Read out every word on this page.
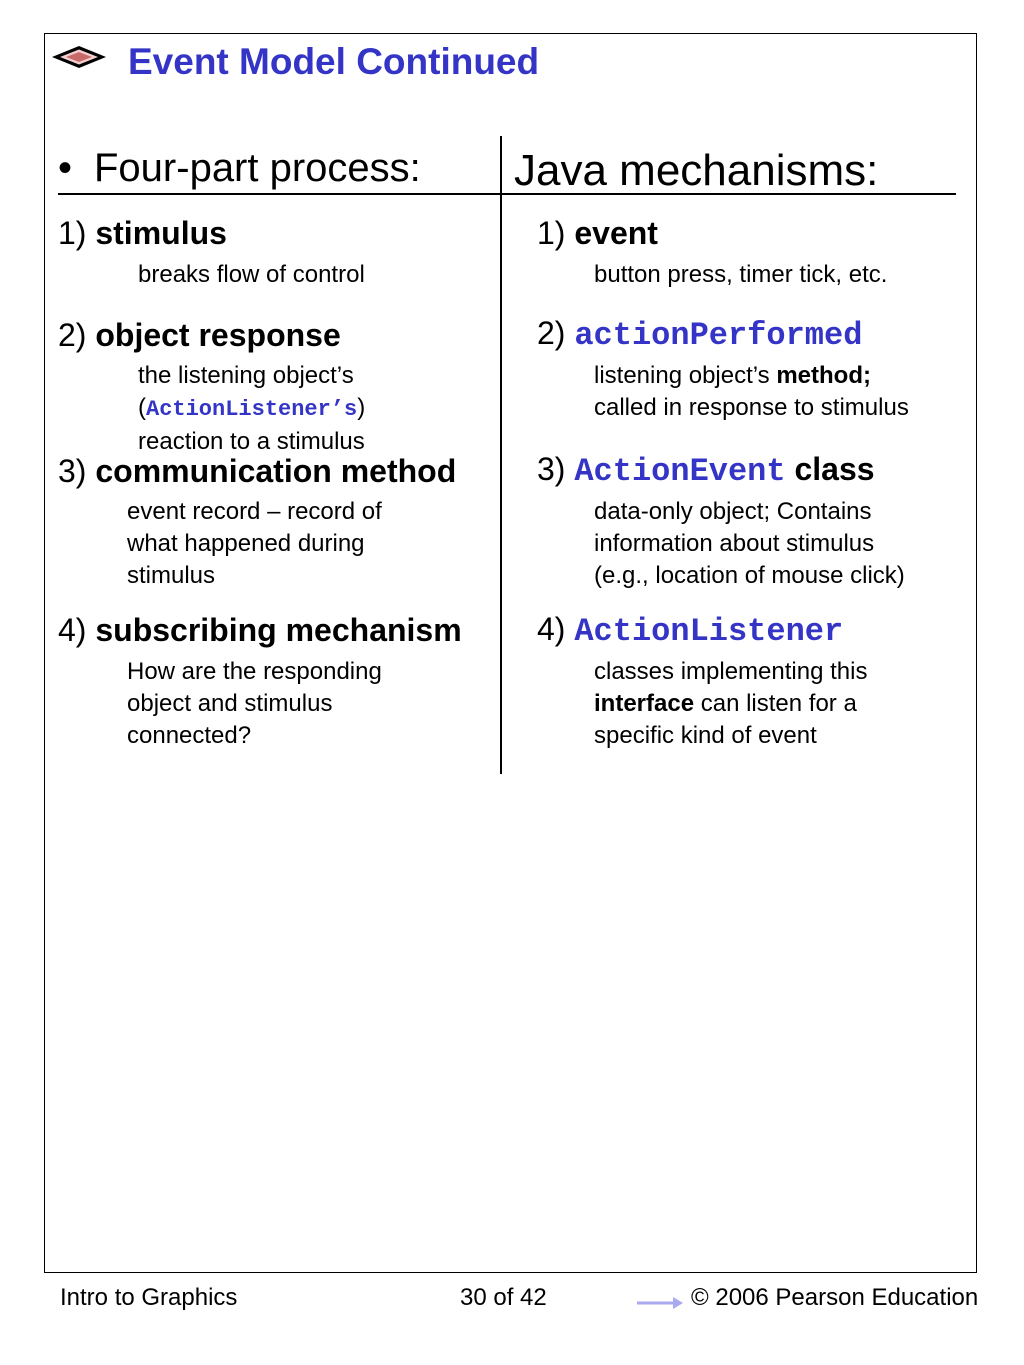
Event Model Continued
• Four-part process: Java mechanisms:
1) stimulus
breaks flow of control
2) object response
the listening object’s
(ActionListener’s)
reaction to a stimulus
3) communication method
event record – record of
what happened during
stimulus
4) subscribing mechanism
How are the responding
object and stimulus
connected?
1) event
button press, timer tick, etc.
2) actionPerformed
listening object’s method;
called in response to stimulus
3) ActionEvent class
data-only object; Contains
information about stimulus
(e.g., location of mouse click)
4) ActionListener
classes implementing this
interface can listen for a
specific kind of event
Intro to Graphics	30 of 42	© 2006 Pearson Education
